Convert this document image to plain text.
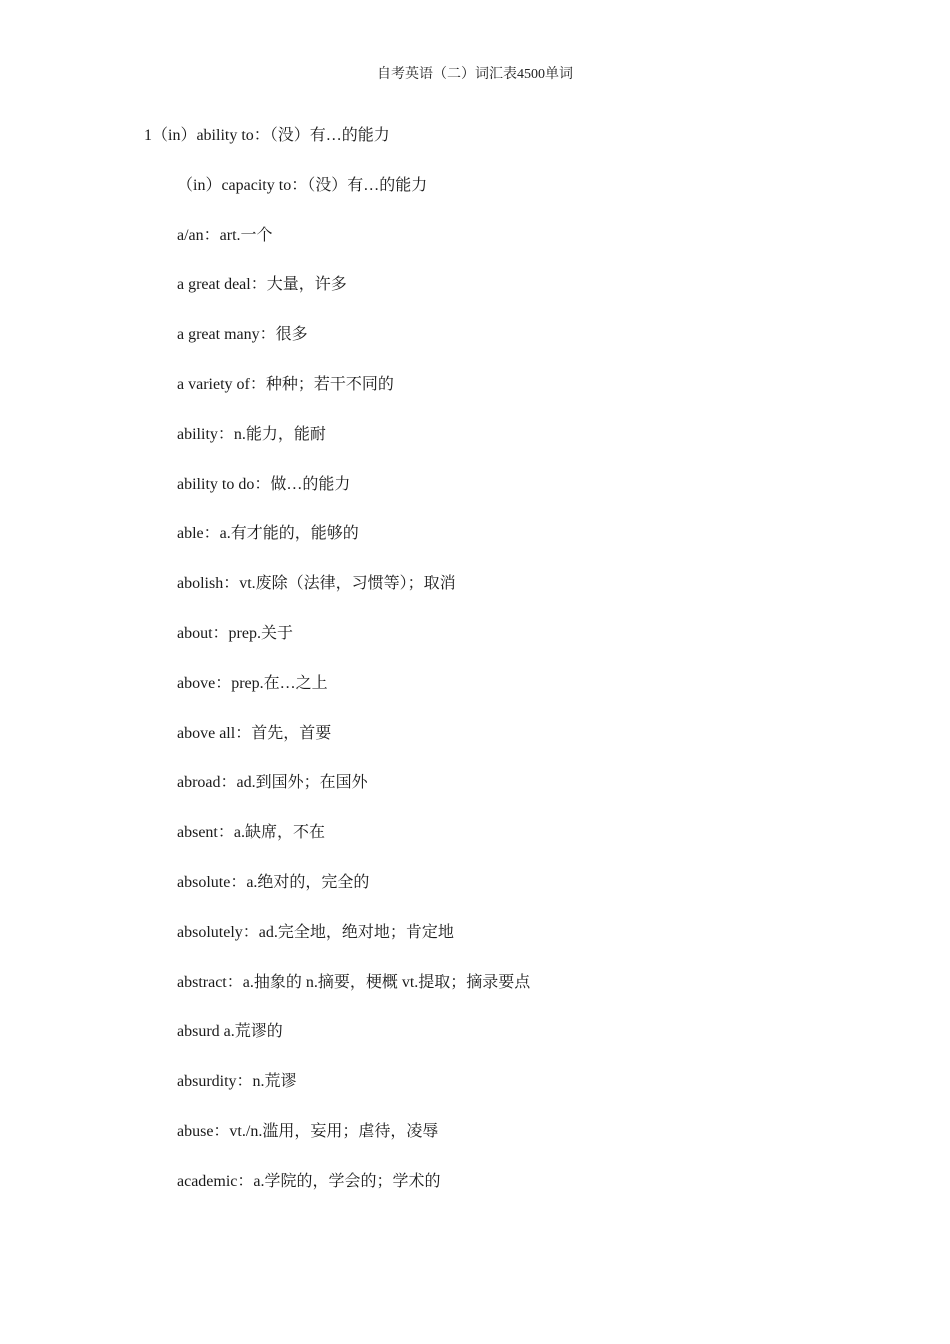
自考英语（二）词汇表4500单词
1（in）ability to：（没）有…的能力
（in）capacity to：（没）有…的能力
a/an：art.一个
a great deal：大量，许多
a great many：很多
a variety of：种种；若干不同的
ability：n.能力，能耐
ability to do：做…的能力
able：a.有才能的，能够的
abolish：vt.废除（法律，习惯等）；取消
about：prep.关于
above：prep.在…之上
above all：首先，首要
abroad：ad.到国外；在国外
absent：a.缺席，不在
absolute：a.绝对的，完全的
absolutely：ad.完全地，绝对地；肯定地
abstract：a.抽象的 n.摘要，梗概 vt.提取；摘录要点
absurd a.荒谬的
absurdity：n.荒谬
abuse：vt./n.滥用，妄用；虐待，凌辱
academic：a.学院的，学会的；学术的
